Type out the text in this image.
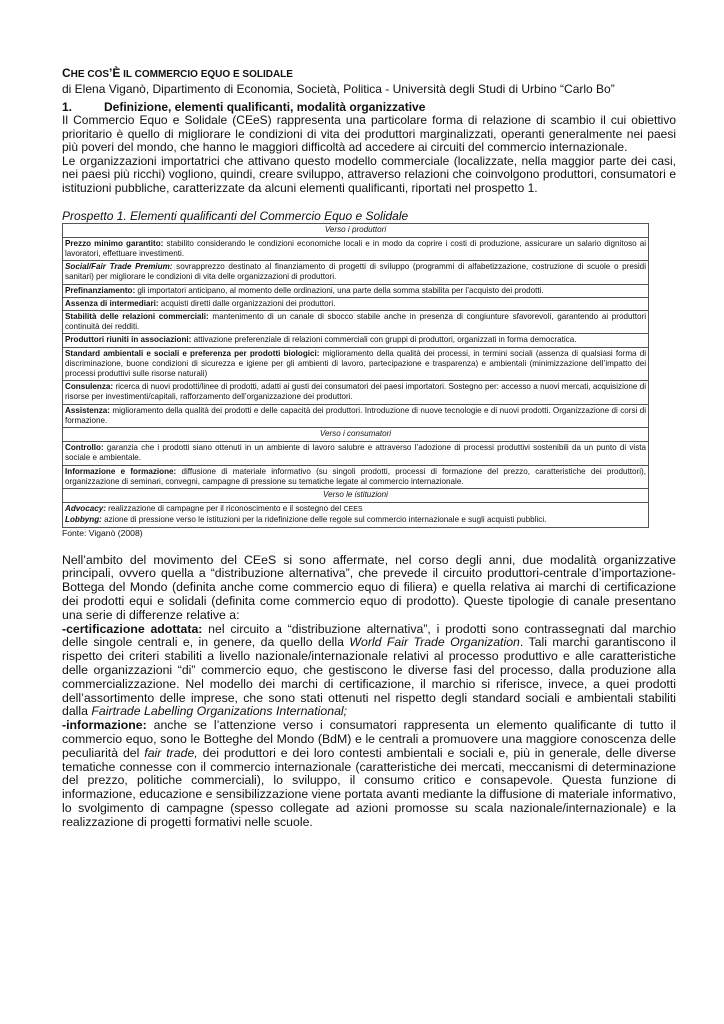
CHE COS’È IL COMMERCIO EQUO E SOLIDALE
di Elena Viganò, Dipartimento di Economia, Società, Politica - Università degli Studi di Urbino “Carlo Bo”
1.	Definizione, elementi qualificanti, modalità organizzative

Il Commercio Equo e Solidale (CEeS) rappresenta una particolare forma di relazione di scambio il cui obiettivo prioritario è quello di migliorare le condizioni di vita dei produttori marginalizzati, operanti generalmente nei paesi più poveri del mondo, che hanno le maggiori difficoltà ad accedere ai circuiti del commercio internazionale.

Le organizzazioni importatrici che attivano questo modello commerciale (localizzate, nella maggior parte dei casi, nei paesi più ricchi) vogliono, quindi, creare sviluppo, attraverso relazioni che coinvolgono produttori, consumatori e istituzioni pubbliche, caratterizzate da alcuni elementi qualificanti, riportati nel prospetto 1.

Prospetto 1. Elementi qualificanti del Commercio Equo e Solidale
Verso i produttori
Prezzo minimo garantito: stabilito considerando le condizioni economiche locali e in modo da coprire i costi di produzione, assicurare un salario dignitoso ai lavoratori, effettuare investimenti.
Social/Fair Trade Premium: sovrapprezzo destinato al finanziamento di progetti di sviluppo (programmi di alfabetizzazione, costruzione di scuole o presidi sanitari) per migliorare le condizioni di vita delle organizzazioni di produttori.
Prefinanziamento: gli importatori anticipano, al momento delle ordinazioni, una parte della somma stabilita per l’acquisto dei prodotti.
Assenza di intermediari: acquisti diretti dalle organizzazioni dei produttori.
Stabilità delle relazioni commerciali: mantenimento di un canale di sbocco stabile anche in presenza di congiunture sfavorevoli, garantendo ai produttori continuità dei redditi.
Produttori riuniti in associazioni: attivazione preferenziale di relazioni commerciali con gruppi di produttori, organizzati in forma democratica.
Standard ambientali e sociali e preferenza per prodotti biologici: miglioramento della qualità dei processi, in termini sociali (assenza di qualsiasi forma di discriminazione, buone condizioni di sicurezza e igiene per gli ambienti di lavoro, partecipazione e trasparenza) e ambientali (minimizzazione dell’impatto dei processi produttivi sulle risorse naturali)
Consulenza: ricerca di nuovi prodotti/linee di prodotti, adatti ai gusti dei consumatori dei paesi importatori. Sostegno per: accesso a nuovi mercati, acquisizione di risorse per investimenti/capitali, rafforzamento dell’organizzazione dei produttori.
Assistenza: miglioramento della qualità dei prodotti e delle capacità dei produttori. Introduzione di nuove tecnologie e di nuovi prodotti. Organizzazione di corsi di formazione.
Verso i consumatori
Controllo: garanzia che i prodotti siano ottenuti in un ambiente di lavoro salubre e attraverso l’adozione di processi produttivi sostenibili da un punto di vista sociale e ambientale.
Informazione e formazione: diffusione di materiale informativo (su singoli prodotti, processi di formazione del prezzo, caratteristiche dei produttori), organizzazione di seminari, convegni, campagne di pressione su tematiche legate al commercio internazionale.
Verso le istituzioni
Advocacy: realizzazione di campagne per il riconoscimento e il sostegno del CEES
Lobbyng: azione di pressione verso le istituzioni per la ridefinizione delle regole sul commercio internazionale e sugli acquisti pubblici.
Fonte: Viganò (2008)

Nell’ambito del movimento del CEeS si sono affermate, nel corso degli anni, due modalità organizzative principali, ovvero quella a “distribuzione alternativa”, che prevede il circuito produttori-centrale d’importazione-Bottega del Mondo (definita anche come commercio equo di filiera) e quella relativa ai marchi di certificazione dei prodotti equi e solidali (definita come commercio equo di prodotto). Queste tipologie di canale presentano una serie di differenze relative a:

-certificazione adottata: nel circuito a “distribuzione alternativa”, i prodotti sono contrassegnati dal marchio delle singole centrali e, in genere, da quello della World Fair Trade Organization. Tali marchi garantiscono il rispetto dei criteri stabiliti a livello nazionale/internazionale relativi al processo produttivo e alle caratteristiche delle organizzazioni “di” commercio equo, che gestiscono le diverse fasi del processo, dalla produzione alla commercializzazione. Nel modello dei marchi di certificazione, il marchio si riferisce, invece, a quei prodotti dell’assortimento delle imprese, che sono stati ottenuti nel rispetto degli standard sociali e ambientali stabiliti dalla Fairtrade Labelling Organizations International;

-informazione: anche se l’attenzione verso i consumatori rappresenta un elemento qualificante di tutto il commercio equo, sono le Botteghe del Mondo (BdM) e le centrali a promuovere una maggiore conoscenza delle peculiarità del fair trade, dei produttori e dei loro contesti ambientali e sociali e, più in generale, delle diverse tematiche connesse con il commercio internazionale (caratteristiche dei mercati, meccanismi di determinazione del prezzo, politiche commerciali), lo sviluppo, il consumo critico e consapevole. Questa funzione di informazione, educazione e sensibilizzazione viene portata avanti mediante la diffusione di materiale informativo, lo svolgimento di campagne (spesso collegate ad azioni promosse su scala nazionale/internazionale) e la realizzazione di progetti formativi nelle scuole.
